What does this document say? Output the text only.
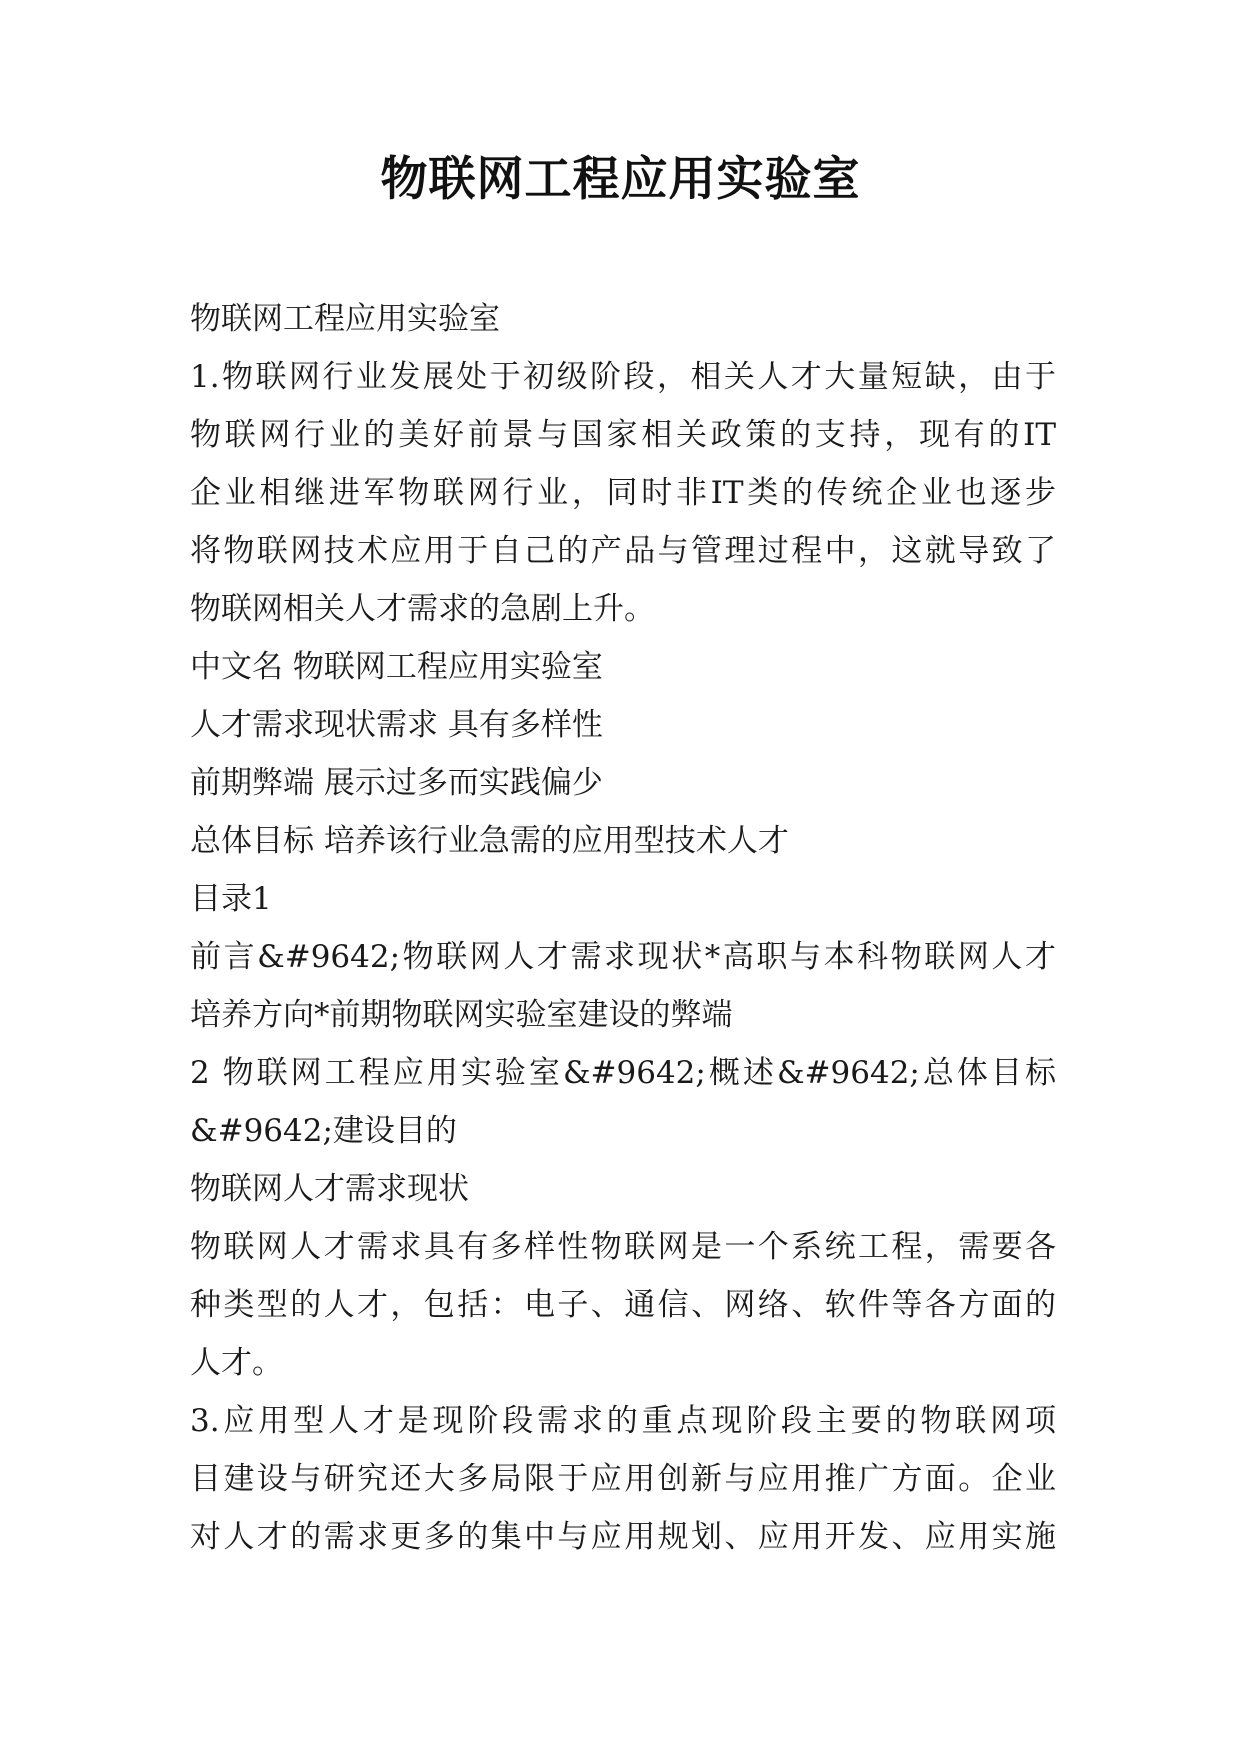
物联网工程应用实验室
物联网工程应用实验室
1.物联网行业发展处于初级阶段，相关人才大量短缺，由于
物联网行业的美好前景与国家相关政策的支持，现有的IT
企业相继进军物联网行业，同时非IT类的传统企业也逐步
将物联网技术应用于自己的产品与管理过程中，这就导致了
物联网相关人才需求的急剧上升。
中文名 物联网工程应用实验室
人才需求现状需求 具有多样性
前期弊端 展示过多而实践偏少
总体目标 培养该行业急需的应用型技术人才
目录1
前言&#9642;物联网人才需求现状*高职与本科物联网人才
培养方向*前期物联网实验室建设的弊端
2 物联网工程应用实验室&#9642;概述&#9642;总体目标
&#9642;建设目的
物联网人才需求现状
物联网人才需求具有多样性物联网是一个系统工程，需要各
种类型的人才，包括：电子、通信、网络、软件等各方面的
人才。
3.应用型人才是现阶段需求的重点现阶段主要的物联网项
目建设与研究还大多局限于应用创新与应用推广方面。企业
对人才的需求更多的集中与应用规划、应用开发、应用实施
